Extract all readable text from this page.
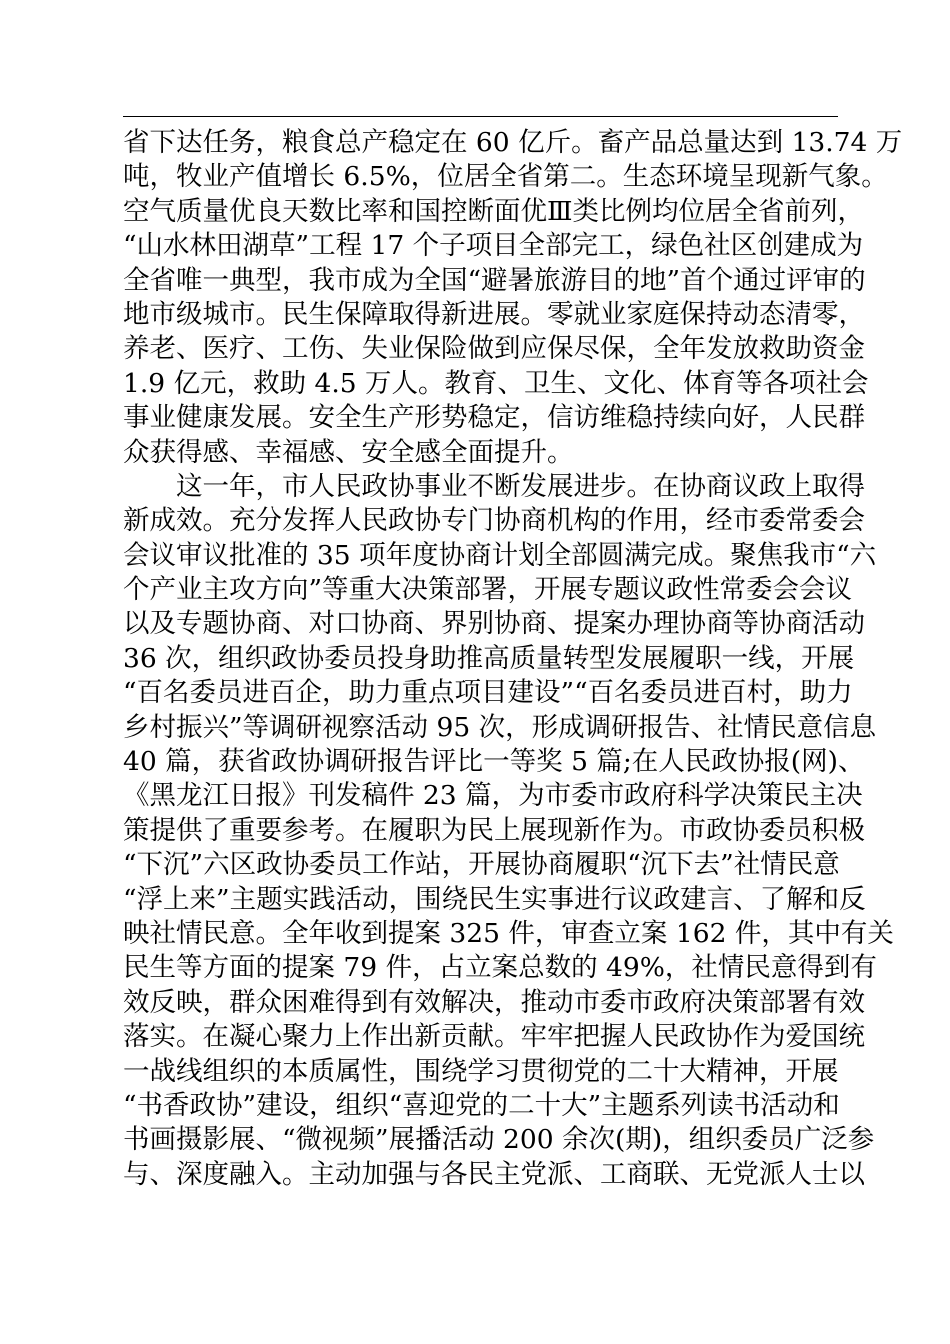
省下达任务，粮食总产稳定在 60 亿斤。畜产品总量达到 13.74 万
吨，牧业产值增长 6.5%，位居全省第二。生态环境呈现新气象。
空气质量优良天数比率和国控断面优Ⅲ类比例均位居全省前列，
“山水林田湖草”工程 17 个子项目全部完工，绿色社区创建成为
全省唯一典型，我市成为全国“避暑旅游目的地”首个通过评审的
地市级城市。民生保障取得新进展。零就业家庭保持动态清零，
养老、医疗、工伤、失业保险做到应保尽保，全年发放救助资金
1.9 亿元，救助 4.5 万人。教育、卫生、文化、体育等各项社会
事业健康发展。安全生产形势稳定，信访维稳持续向好，人民群
众获得感、幸福感、安全感全面提升。
这一年，市人民政协事业不断发展进步。在协商议政上取得
新成效。充分发挥人民政协专门协商机构的作用，经市委常委会
会议审议批准的 35 项年度协商计划全部圆满完成。聚焦我市“六
个产业主攻方向”等重大决策部署，开展专题议政性常委会会议
以及专题协商、对口协商、界别协商、提案办理协商等协商活动
36 次，组织政协委员投身助推高质量转型发展履职一线，开展
“百名委员进百企，助力重点项目建设”“百名委员进百村，助力
乡村振兴”等调研视察活动 95 次，形成调研报告、社情民意信息
40 篇，获省政协调研报告评比一等奖 5 篇;在人民政协报(网)、
《黑龙江日报》刊发稿件 23 篇，为市委市政府科学决策民主决
策提供了重要参考。在履职为民上展现新作为。市政协委员积极
“下沉”六区政协委员工作站，开展协商履职“沉下去”社情民意
“浮上来”主题实践活动，围绕民生实事进行议政建言、了解和反
映社情民意。全年收到提案 325 件，审查立案 162 件，其中有关
民生等方面的提案 79 件，占立案总数的 49%，社情民意得到有
效反映，群众困难得到有效解决，推动市委市政府决策部署有效
落实。在凝心聚力上作出新贡献。牢牢把握人民政协作为爱国统
一战线组织的本质属性，围绕学习贯彻党的二十大精神，开展
“书香政协”建设，组织“喜迎党的二十大”主题系列读书活动和
书画摄影展、“微视频”展播活动 200 余次(期)，组织委员广泛参
与、深度融入。主动加强与各民主党派、工商联、无党派人士以
